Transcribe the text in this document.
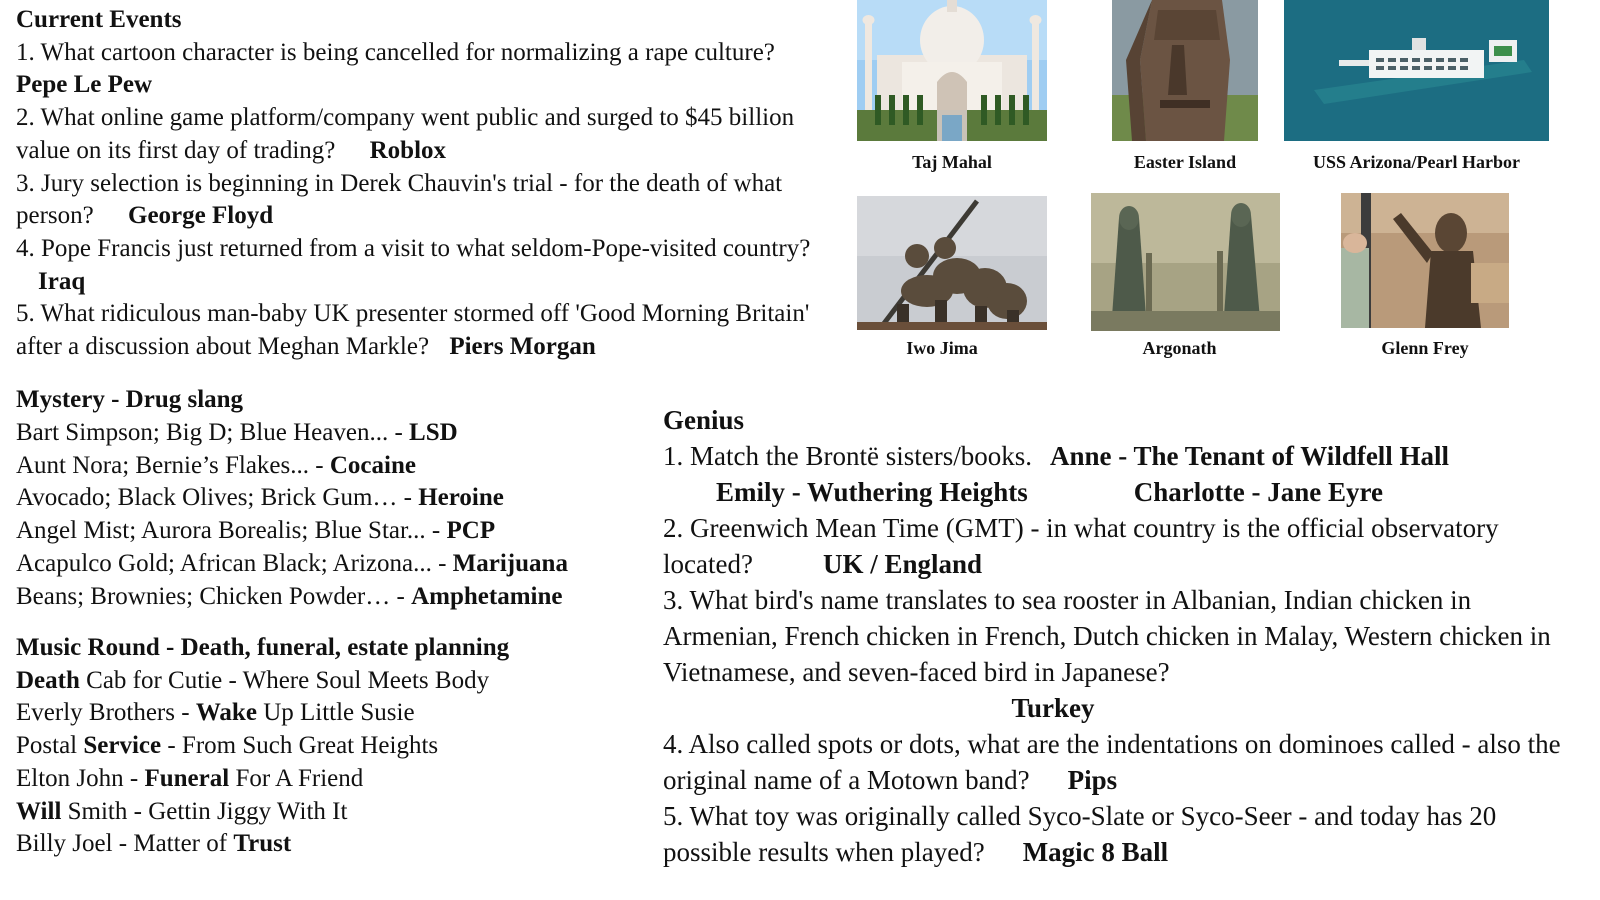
Current Events
1. What cartoon character is being cancelled for normalizing a rape culture? Pepe Le Pew
2. What online game platform/company went public and surged to $45 billion value on its first day of trading? Roblox
3. Jury selection is beginning in Derek Chauvin's trial - for the death of what person? George Floyd
4. Pope Francis just returned from a visit to what seldom-Pope-visited country? Iraq
5. What ridiculous man-baby UK presenter stormed off 'Good Morning Britain' after a discussion about Meghan Markle? Piers Morgan
Mystery - Drug slang
Bart Simpson; Big D; Blue Heaven... - LSD
Aunt Nora; Bernie’s Flakes... - Cocaine
Avocado; Black Olives; Brick Gum… - Heroine
Angel Mist; Aurora Borealis; Blue Star... - PCP
Acapulco Gold; African Black; Arizona... - Marijuana
Beans; Brownies; Chicken Powder… - Amphetamine
Music Round - Death, funeral, estate planning
Death Cab for Cutie - Where Soul Meets Body
Everly Brothers - Wake Up Little Susie
Postal Service - From Such Great Heights
Elton John - Funeral For A Friend
Will Smith - Gettin Jiggy With It
Billy Joel - Matter of Trust
Genius
1. Match the Brontë sisters/books. Anne - The Tenant of Wildfell Hall
Emily - Wuthering Heights	Charlotte - Jane Eyre
2. Greenwich Mean Time (GMT) - in what country is the official observatory located?	UK / England
3. What bird's name translates to sea rooster in Albanian, Indian chicken in Armenian, French chicken in French, Dutch chicken in Malay, Western chicken in Vietnamese, and seven-faced bird in Japanese?
Turkey
4. Also called spots or dots, what are the indentations on dominoes called - also the original name of a Motown band? Pips
5. What toy was originally called Syco-Slate or Syco-Seer - and today has 20 possible results when played? Magic 8 Ball
Taj Mahal	Easter Island	USS Arizona/Pearl Harbor
Iwo Jima	Argonath	Glenn Frey
